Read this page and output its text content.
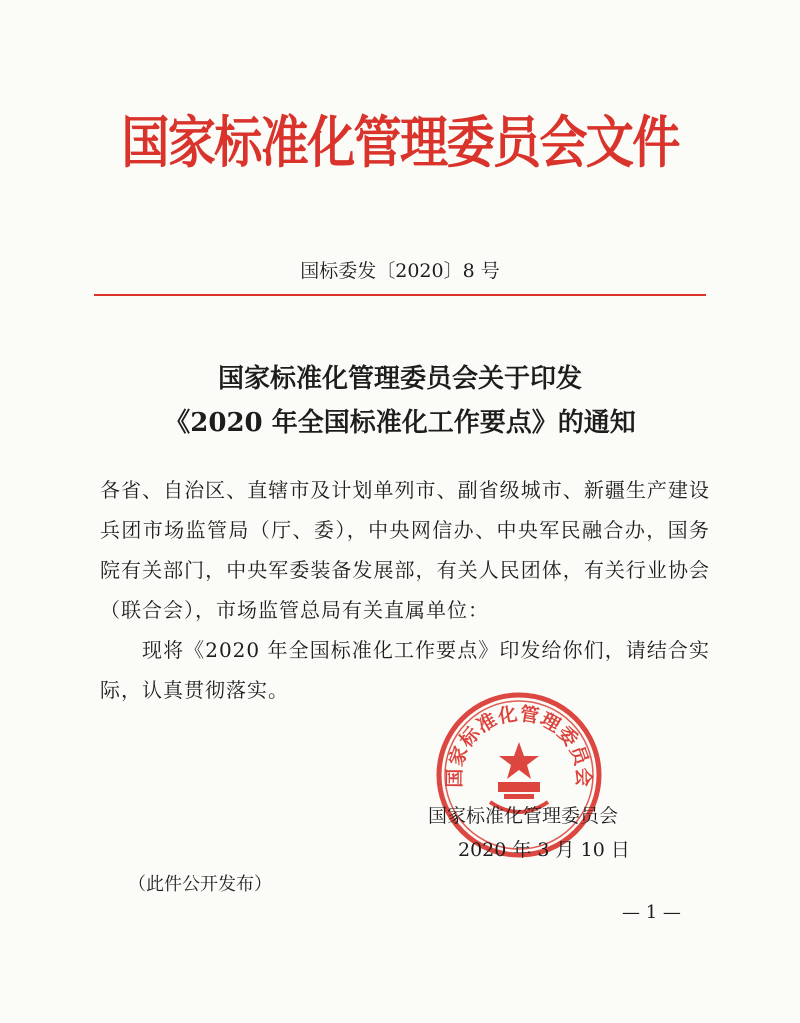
国家标准化管理委员会文件
国标委发〔2020〕8 号
国家标准化管理委员会关于印发
《2020 年全国标准化工作要点》的通知

各省、自治区、直辖市及计划单列市、副省级城市、新疆生产建设兵团市场监管局（厅、委），中央网信办、中央军民融合办，国务院有关部门，中央军委装备发展部，有关人民团体，有关行业协会（联合会），市场监管总局有关直属单位：

现将《2020 年全国标准化工作要点》印发给你们，请结合实际，认真贯彻落实。

国家标准化管理委员会
国家标准化管理委员会
2020 年 3 月 10 日
（此件公开发布）
— 1 —
